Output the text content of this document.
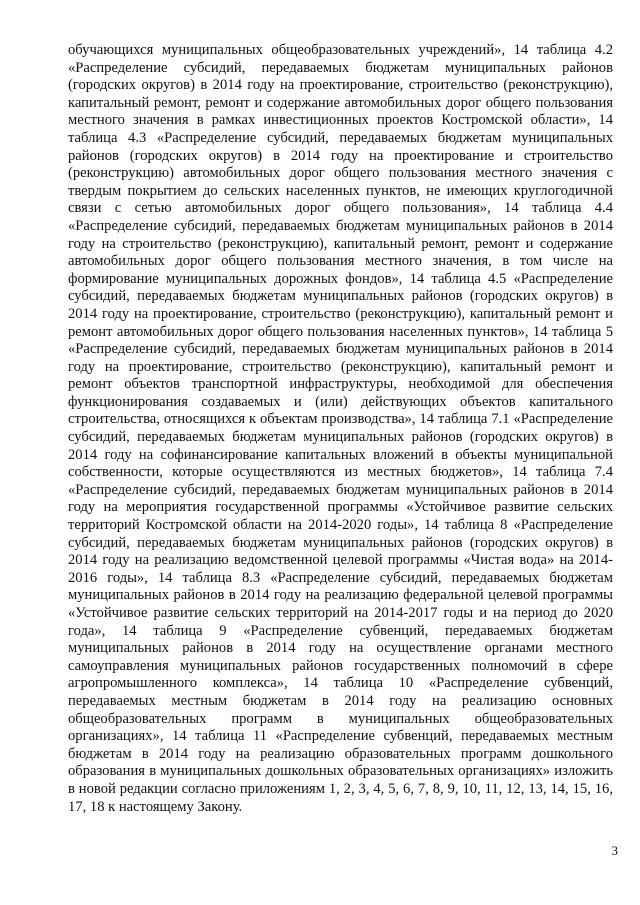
обучающихся муниципальных общеобразовательных учреждений», 14 таблица 4.2 «Распределение субсидий, передаваемых бюджетам муниципальных районов (городских округов) в 2014 году на проектирование, строительство (реконструкцию), капитальный ремонт, ремонт и содержание автомобильных дорог общего пользования местного значения в рамках инвестиционных проектов Костромской области», 14 таблица 4.3 «Распределение субсидий, передаваемых бюджетам муниципальных районов (городских округов) в 2014 году на проектирование и строительство (реконструкцию) автомобильных дорог общего пользования местного значения с твердым покрытием до сельских населенных пунктов, не имеющих круглогодичной связи с сетью автомобильных дорог общего пользования», 14 таблица 4.4 «Распределение субсидий, передаваемых бюджетам муниципальных районов в 2014 году на строительство (реконструкцию), капитальный ремонт, ремонт и содержание автомобильных дорог общего пользования местного значения, в том числе на формирование муниципальных дорожных фондов», 14 таблица 4.5 «Распределение субсидий, передаваемых бюджетам муниципальных районов (городских округов) в 2014 году на проектирование, строительство (реконструкцию), капитальный ремонт и ремонт автомобильных дорог общего пользования населенных пунктов», 14 таблица 5 «Распределение субсидий, передаваемых бюджетам муниципальных районов в 2014 году на проектирование, строительство (реконструкцию), капитальный ремонт и ремонт объектов транспортной инфраструктуры, необходимой для обеспечения функционирования создаваемых и (или) действующих объектов капитального строительства, относящихся к объектам производства», 14 таблица 7.1 «Распределение субсидий, передаваемых бюджетам муниципальных районов (городских округов) в 2014 году на софинансирование капитальных вложений в объекты муниципальной собственности, которые осуществляются из местных бюджетов», 14 таблица 7.4 «Распределение субсидий, передаваемых бюджетам муниципальных районов в 2014 году на мероприятия государственной программы «Устойчивое развитие сельских территорий Костромской области на 2014-2020 годы», 14 таблица 8 «Распределение субсидий, передаваемых бюджетам муниципальных районов (городских округов) в 2014 году на реализацию ведомственной целевой программы «Чистая вода» на 2014-2016 годы», 14 таблица 8.3 «Распределение субсидий, передаваемых бюджетам муниципальных районов в 2014 году на реализацию федеральной целевой программы «Устойчивое развитие сельских территорий на 2014-2017 годы и на период до 2020 года», 14 таблица 9 «Распределение субвенций, передаваемых бюджетам муниципальных районов в 2014 году на осуществление органами местного самоуправления муниципальных районов государственных полномочий в сфере агропромышленного комплекса», 14 таблица 10 «Распределение субвенций, передаваемых местным бюджетам в 2014 году на реализацию основных общеобразовательных программ в муниципальных общеобразовательных организациях», 14 таблица 11 «Распределение субвенций, передаваемых местным бюджетам в 2014 году на реализацию образовательных программ дошкольного образования в муниципальных дошкольных образовательных организациях» изложить в новой редакции согласно приложениям 1, 2, 3, 4, 5, 6, 7, 8, 9, 10, 11, 12, 13, 14, 15, 16, 17, 18 к настоящему Закону.

3
